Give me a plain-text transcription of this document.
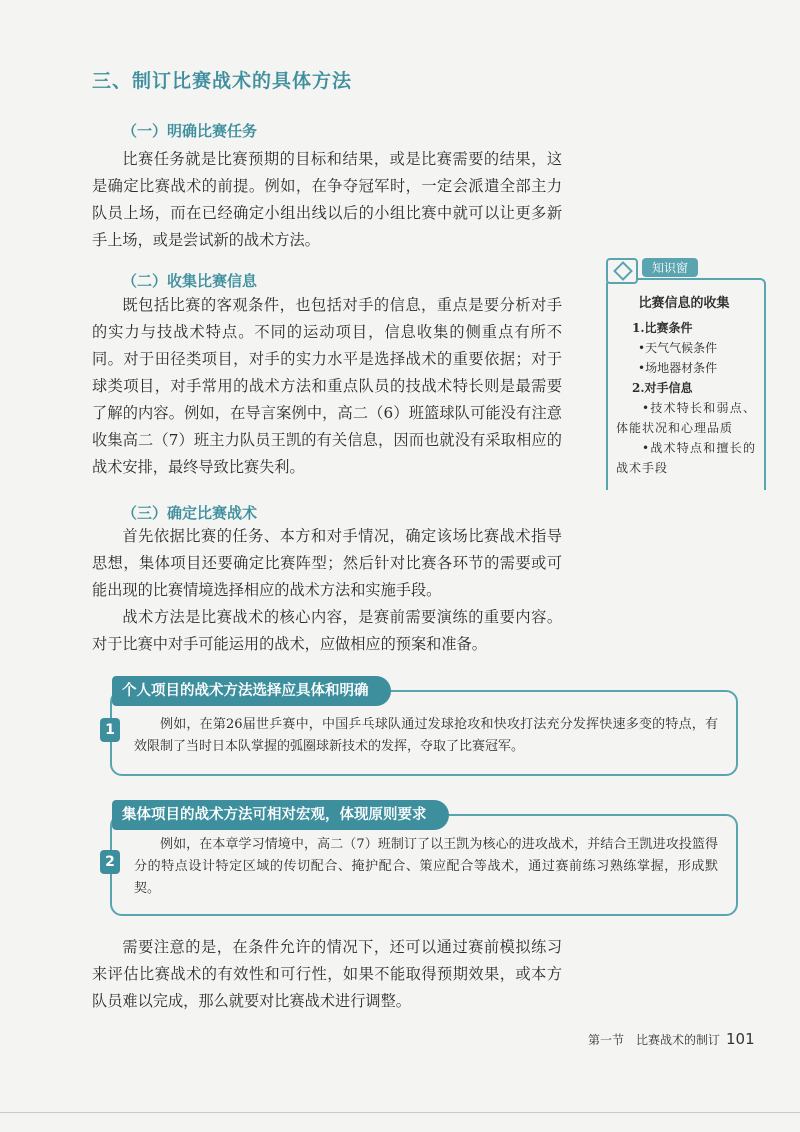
三、制订比赛战术的具体方法
（一）明确比赛任务

比赛任务就是比赛预期的目标和结果，或是比赛需要的结果，这是确定比赛战术的前提。例如，在争夺冠军时，一定会派遣全部主力队员上场，而在已经确定小组出线以后的小组比赛中就可以让更多新手上场，或是尝试新的战术方法。

（二）收集比赛信息

既包括比赛的客观条件，也包括对手的信息，重点是要分析对手的实力与技战术特点。不同的运动项目，信息收集的侧重点有所不同。对于田径类项目，对手的实力水平是选择战术的重要依据；对于球类项目，对手常用的战术方法和重点队员的技战术特长则是最需要了解的内容。例如，在导言案例中，高二（6）班篮球队可能没有注意收集高二（7）班主力队员王凯的有关信息，因而也就没有采取相应的战术安排，最终导致比赛失利。

（三）确定比赛战术

首先依据比赛的任务、本方和对手情况，确定该场比赛战术指导思想，集体项目还要确定比赛阵型；然后针对比赛各环节的需要或可能出现的比赛情境选择相应的战术方法和实施手段。

战术方法是比赛战术的核心内容，是赛前需要演练的重要内容。对于比赛中对手可能运用的战术，应做相应的预案和准备。

知识窗
比赛信息的收集
1.比赛条件
•天气气候条件
•场地器材条件
2.对手信息
•技术特长和弱点、体能状况和心理品质
•战术特点和擅长的战术手段
个人项目的战术方法选择应具体和明确
1	例如，在第26届世乒赛中，中国乒乓球队通过发球抢攻和快攻打法充分发挥快速多变的特点，有效限制了当时日本队掌握的弧圈球新技术的发挥，夺取了比赛冠军。

集体项目的战术方法可相对宏观，体现原则要求
2

例如，在本章学习情境中，高二（7）班制订了以王凯为核心的进攻战术，并结合王凯进攻投篮得分的特点设计特定区域的传切配合、掩护配合、策应配合等战术，通过赛前练习熟练掌握，形成默契。

需要注意的是，在条件允许的情况下，还可以通过赛前模拟练习来评估比赛战术的有效性和可行性，如果不能取得预期效果，或本方队员难以完成，那么就要对比赛战术进行调整。

第一节　比赛战术的制订 101
